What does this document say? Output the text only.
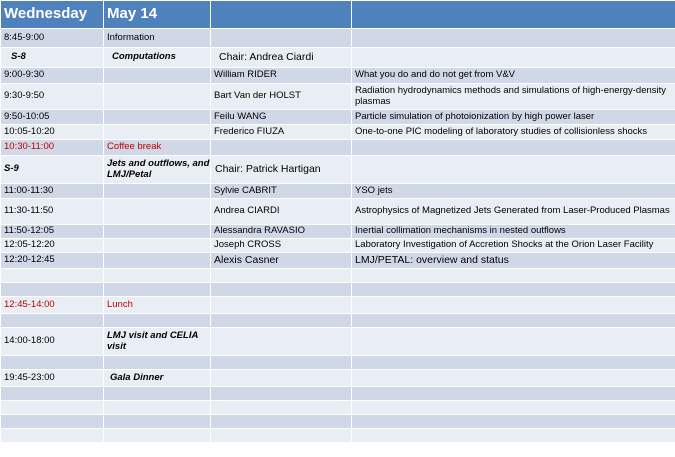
Wednesday	May 14		
8:45-9:00	Information		
S-8	Computations	Chair: Andrea Ciardi	
9:00-9:30		William RIDER	What you do and do not get from V&V
9:30-9:50		Bart Van der HOLST	Radiation hydrodynamics methods and simulations of high-energy-density plasmas
9:50-10:05		Feilu WANG	Particle simulation of photoionization by high power laser
10:05-10:20		Frederico FIUZA	One-to-one PIC modeling of laboratory studies of collisionless shocks
10:30-11:00	Coffee break		
S-9	Jets and outflows, and LMJ/Petal	Chair: Patrick Hartigan	
11:00-11:30		Sylvie CABRIT	YSO jets
11:30-11:50		Andrea CIARDI	Astrophysics of Magnetized Jets Generated from Laser-Produced Plasmas
11:50-12:05		Alessandra RAVASIO	Inertial collimation mechanisms in nested outflows
12:05-12:20		Joseph CROSS	Laboratory Investigation of Accretion Shocks at the Orion Laser Facility
12:20-12:45		Alexis Casner	LMJ/PETAL: overview and status

12:45-14:00	Lunch		

14:00-18:00	LMJ visit and CELIA visit		

19:45-23:00	Gala Dinner		
